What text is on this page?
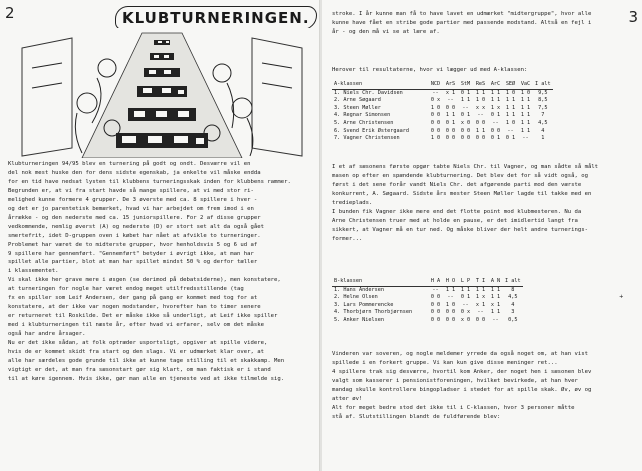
2	KLUBTURNERINGEN.
Klubturneringen 94/95 blev en turnering på godt og ondt. Desværre vil en
del nok mest huske den for dens sidste egenskab, ja enkelte vil måske endda
for en tid have nedsat lysten til klubbens turneringsskak inden for klubbens rammer.
Begrunden er, at vi fra start havde så mange spillere, at vi med stor ri-
melighed kunne formere 4 grupper. De 3 øverste med ca. 8 spillere i hver -
og det er jo parentetisk bemærket, hvad vi har arbejdet om frem imod i en
årrække - og den nederste med ca. 15 juniorspillere. For 2 af disse grupper
vedkommende, nemlig øverst (A) og nederste (D) er stort set alt da også gået
smertefrit, idet D-gruppen oven i købet har nået at afvikle to turneringer.
Problemet har været de to midterste grupper, hvor henholdsvis 5 og 6 ud af
9 spillere har gennemført. "Gennemført" betyder i øvrigt ikke, at man har
spillet alle partier, blot at man har spillet mindst 50 % og derfor tæller
i klassementet.
Vi skal ikke her grave mere i øsgen (se derimod på debatsiderne), men konstatere,
at turneringen for nogle har været endog meget utilfredsstillende (tag
fx en spiller som Leif Andersen, der gang på gang er kommet med tog for at
konstatere, at der ikke var nogen modstander, hvorefter han to timer senere
er returneret til Roskilde. Det er måske ikke så underligt, at Leif ikke spiller
med i klubturneringen til næste år, efter hvad vi erfarer, selv om det måske
også har andre årsager.
Nu er det ikke sådan, at folk optræder usportsligt, opgiver at spille videre,
hvis de er kommet skidt fra start og den slags. Vi er udmærket klar over, at
alle har særdeles gode grunde til ikke at kunne tage stilling til et skakkamp. Men
vigtigt er det, at man fra sæsonstart gør sig klart, om man faktisk er i stand
til at køre igennem. Hvis ikke, gør man alle en tjeneste ved at ikke tilmelde sig.
3
stroke. I år kunne man få to have lavet en udmærket "midtergruppe", hvor alle
kunne have fået en stribe gode partier med passende modstand. Altså en fejl i
år - og den må vi se at lære af.
Herover til resultaterne, hvor vi lægger ud med A-klassen:
A-klassen	NCD	ArS	StM	ReS	ArC	SEØ	VaC	I alt
1. Niels Chr. Davidsen	--	x 1	0 1	1 1	1 1	1 0	1 0	9,5
2. Arne Søgaard	0 x	--	1 1	1 0	1 1	1 1	1 1	8,5
3. Steen Møller	1 0	0 0	--	x x	1 x	1 1	1 1	7,5
4. Regnar Simonsen	0 0	1 1	0 1	--	0 1	1 1	1 1	7
5. Arne Christensen	0 0	0 1	x 0	0 0	--	1 0	1 1	4,5
6. Svend Erik Østergaard	0 0	0 0	0 0	1 1	0 0	--	1 1	4
7. Vagner Christensen	1 0	0 0	0 0	0 0	0 1	0 1	--	1
I et af sæsonens første opgør tabte Niels Chr. til Vagner, og man sådte så målt
masen op efter en spændende klubturnering. Det blev det for så vidt også, og
først i det sene forår vandt Niels Chr. det afgørende parti mod den værste
konkurrent, A. Søgaard. Sidste års mester Steen Møller lagde til takke med en
tredieplads.
I bunden fik Vagner ikke mere end det flotte point mod klubmesteren. Nu da
Arne Christensen truer med at holde en pause, er det imidlertid langt fra
sikkert, at Vagner må en tur ned. Og måske bliver der helt andre turnerings-
former...
B-klassen	H A	H O	L P	T I	A N	I alt
1. Hans Andersen	--	1 1	1 1	1 1	1 1	8
2. Helne Olsen	0 0	--	0 1	1 x	1 1	4,5
3. Lars Pommerencke	0 0	1 0	--	x 1	x 1	4
4. Thorbjørn Thorbjørnsen	0 0	0 0	0 x	--	1 1	3
5. Anker Nielsen	0 0	0 0	x 0	0 0	--	0,5
+
Vinderen var soveren, og nogle meldemer yrrede da også noget om, at han vist
spillede i en forkert gruppe. Vi kan kun give disse meninger ret...
4 spillere trak sig desværre, hvortil kom Anker, der noget hen i sæsonen blev
valgt som kasserer i pensionistforeningen, hvilket bevirkede, at han hver
mandag skulle kontrollere bingopladser i stedet for at spille skak. Øv, øv og
atter øv!
Alt for meget bedre stod det ikke til i C-klassen, hvor 3 personer måtte
stå af. Slutstillingen blandt de fuldførende blev:
